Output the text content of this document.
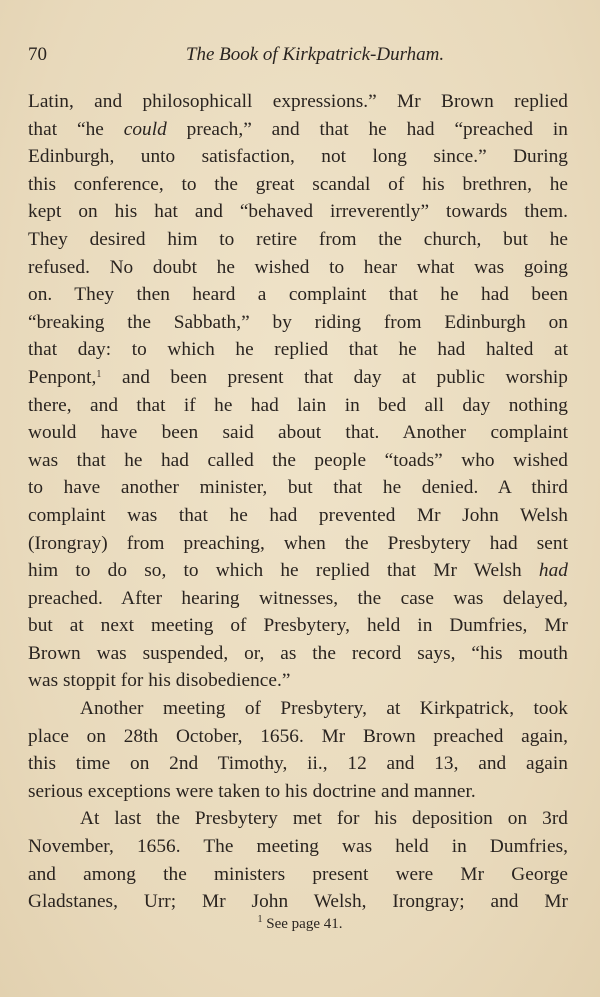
70	The Book of Kirkpatrick-Durham.
Latin, and philosophicall expressions.” Mr Brown replied
that “he could preach,” and that he had “preached in
Edinburgh, unto satisfaction, not long since.” During
this conference, to the great scandal of his brethren, he
kept on his hat and “behaved irreverently” towards them.
They desired him to retire from the church, but he
refused. No doubt he wished to hear what was going
on. They then heard a complaint that he had been
“breaking the Sabbath,” by riding from Edinburgh on
that day: to which he replied that he had halted at
Penpont,$^1$ and been present that day at public worship
there, and that if he had lain in bed all day nothing
would have been said about that. Another complaint
was that he had called the people “toads” who wished
to have another minister, but that he denied. A third
complaint was that he had prevented Mr John Welsh
(Irongray) from preaching, when the Presbytery had sent
him to do so, to which he replied that Mr Welsh had
preached. After hearing witnesses, the case was delayed,
but at next meeting of Presbytery, held in Dumfries, Mr
Brown was suspended, or, as the record says, “his mouth
was stoppit for his disobedience.”
Another meeting of Presbytery, at Kirkpatrick, took
place on 28th October, 1656. Mr Brown preached again,
this time on 2nd Timothy, ii., 12 and 13, and again
serious exceptions were taken to his doctrine and manner.
At last the Presbytery met for his deposition on 3rd
November, 1656. The meeting was held in Dumfries,
and among the ministers present were Mr George
Gladstanes, Urr; Mr John Welsh, Irongray; and Mr
$^1$ See page 41.
